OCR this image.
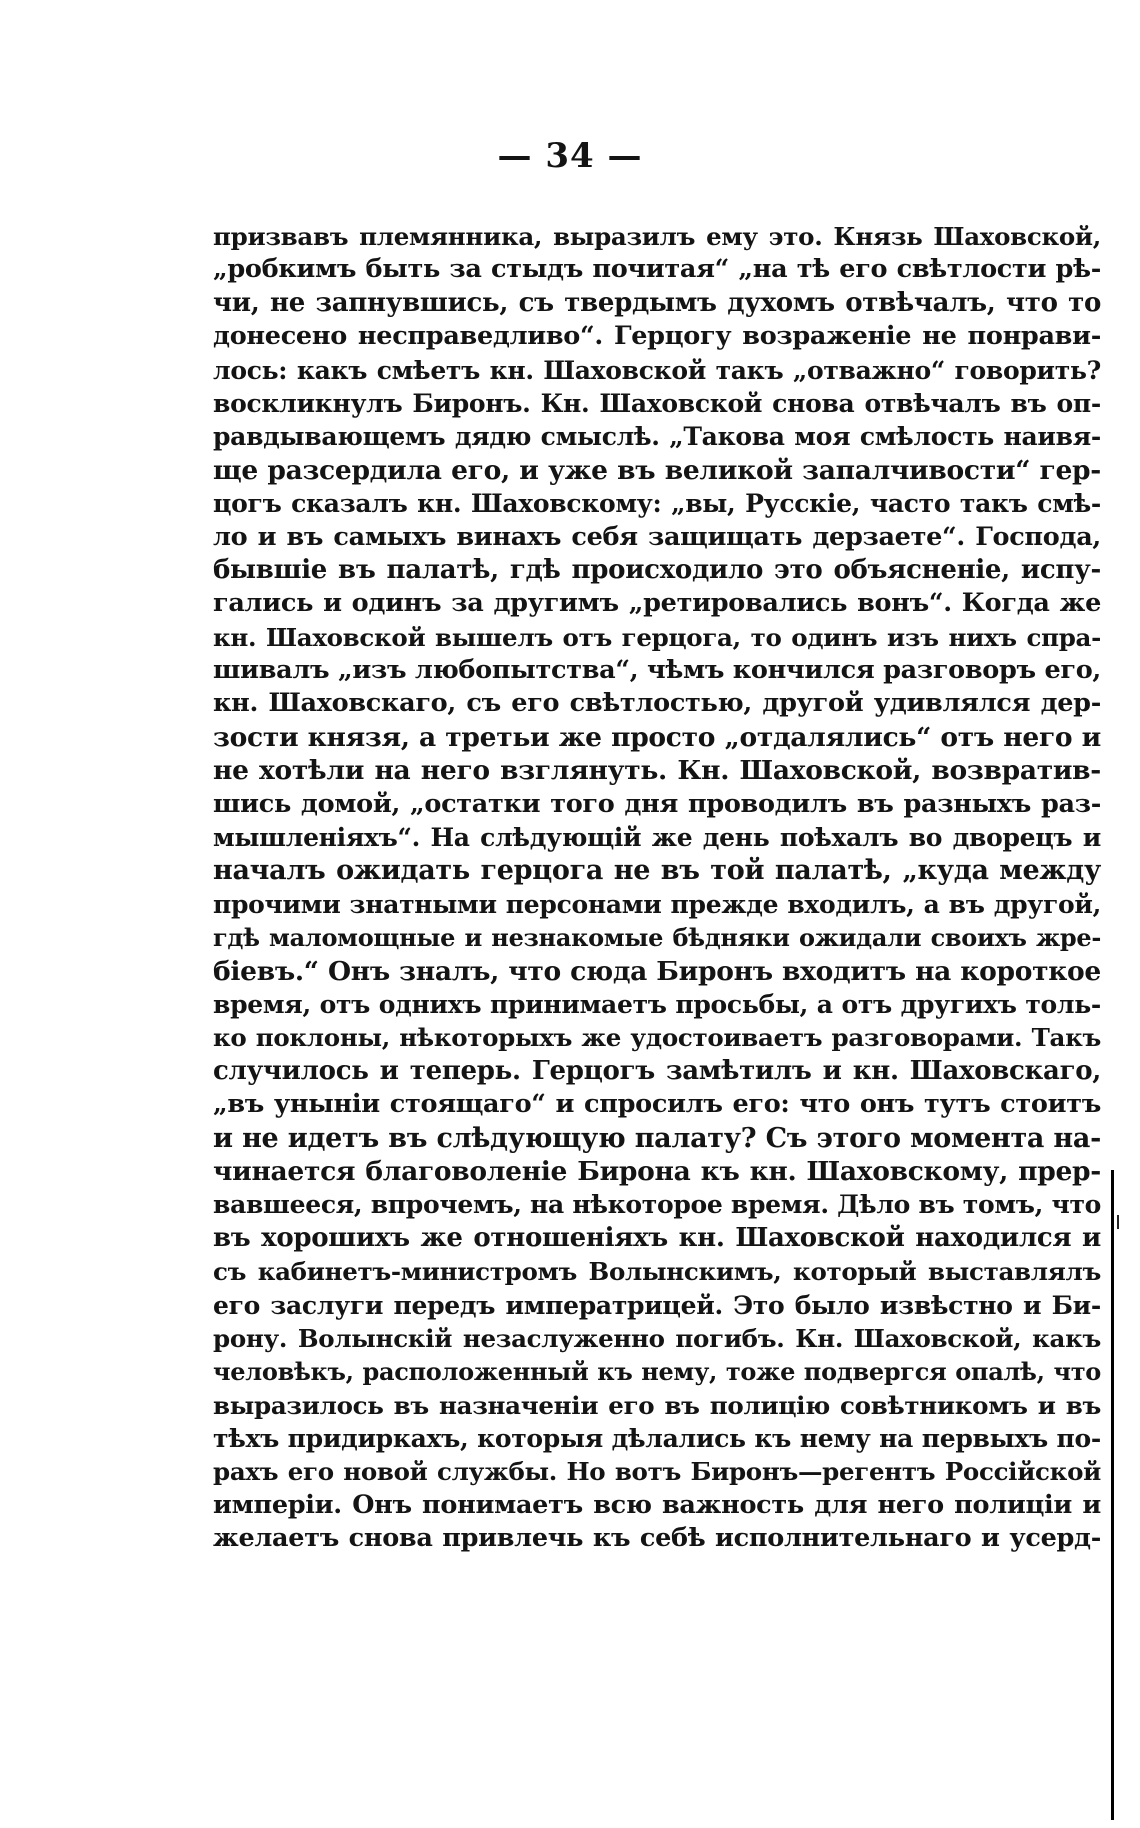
— 34 —
призвавъ племянника, выразилъ ему это. Князь Шаховской,
„робкимъ быть за стыдъ почитая“ „на тѣ его свѣтлости рѣ-
чи, не запнувшись, съ твердымъ духомъ отвѣчалъ, что то
донесено несправедливо“. Герцогу возраженіе не понрави-
лось: какъ смѣетъ кн. Шаховской такъ „отважно“ говорить?
воскликнулъ Биронъ. Кн. Шаховской снова отвѣчалъ въ оп-
равдывающемъ дядю смыслѣ. „Такова моя смѣлость наивя-
ще разсердила его, и уже въ великой запалчивости“ гер-
цогъ сказалъ кн. Шаховскому: „вы, Русскіе, часто такъ смѣ-
ло и въ самыхъ винахъ себя защищать дерзаете“. Господа,
бывшіе въ палатѣ, гдѣ происходило это объясненіе, испу-
гались и одинъ за другимъ „ретировались вонъ“. Когда же
кн. Шаховской вышелъ отъ герцога, то одинъ изъ нихъ спра-
шивалъ „изъ любопытства“, чѣмъ кончился разговоръ его,
кн. Шаховскаго, съ его свѣтлостью, другой удивлялся дер-
зости князя, а третьи же просто „отдалялись“ отъ него и
не хотѣли на него взглянуть. Кн. Шаховской, возвратив-
шись домой, „остатки того дня проводилъ въ разныхъ раз-
мышленіяхъ“. На слѣдующій же день поѣхалъ во дворецъ и
началъ ожидать герцога не въ той палатѣ, „куда между
прочими знатными персонами прежде входилъ, а въ другой,
гдѣ маломощные и незнакомые бѣдняки ожидали своихъ жре-
біевъ.“ Онъ зналъ, что сюда Биронъ входитъ на короткое
время, отъ однихъ принимаетъ просьбы, а отъ другихъ толь-
ко поклоны, нѣкоторыхъ же удостоиваетъ разговорами. Такъ
случилось и теперь. Герцогъ замѣтилъ и кн. Шаховскаго,
„въ уныніи стоящаго“ и спросилъ его: что онъ тутъ стоитъ
и не идетъ въ слѣдующую палату? Съ этого момента на-
чинается благоволеніе Бирона къ кн. Шаховскому, прер-
вавшееся, впрочемъ, на нѣкоторое время. Дѣло въ томъ, что
въ хорошихъ же отношеніяхъ кн. Шаховской находился и
съ кабинетъ-министромъ Волынскимъ, который выставлялъ
его заслуги передъ императрицей. Это было извѣстно и Би-
рону. Волынскій незаслуженно погибъ. Кн. Шаховской, какъ
человѣкъ, расположенный къ нему, тоже подвергся опалѣ, что
выразилось въ назначеніи его въ полицію совѣтникомъ и въ
тѣхъ придиркахъ, которыя дѣлались къ нему на первыхъ по-
рахъ его новой службы. Но вотъ Биронъ—регентъ Россійской
имперіи. Онъ понимаетъ всю важность для него полиціи и
желаетъ снова привлечь къ себѣ исполнительнаго и усерд-
